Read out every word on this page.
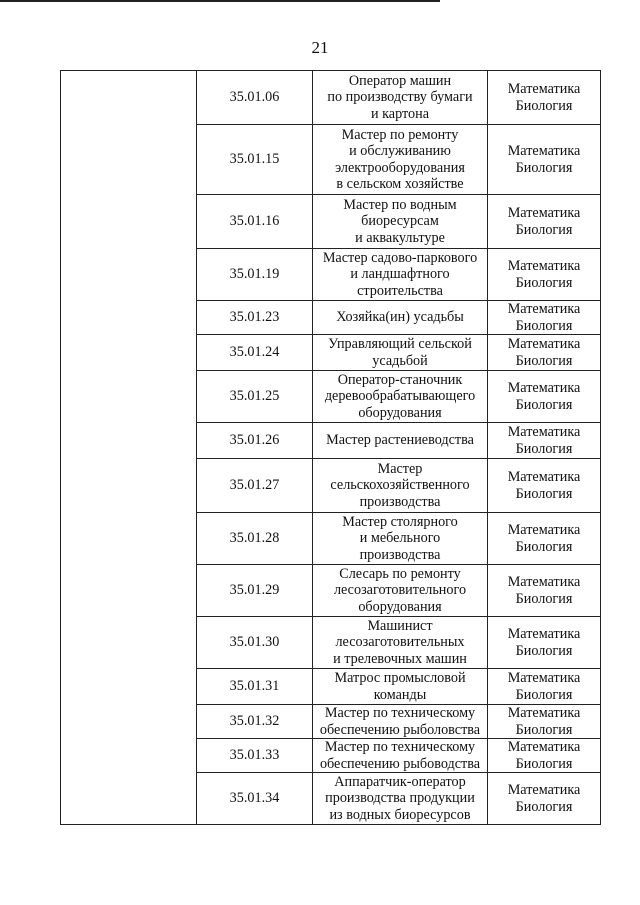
21
	35.01.06	Оператор машин
по производству бумаги
и картона	Математика
Биология

	35.01.15	Мастер по ремонту
и обслуживанию
электрооборудования
в сельском хозяйстве	Математика
Биология

	35.01.16	Мастер по водным
биоресурсам
и аквакультуре	Математика
Биология

	35.01.19	Мастер садово-паркового
и ландшафтного
строительства	Математика
Биология

	35.01.23	Хозяйка(ин) усадьбы	Математика
Биология

	35.01.24	Управляющий сельской
усадьбой	Математика
Биология

	35.01.25	Оператор-станочник
деревообрабатывающего
оборудования	Математика
Биология

	35.01.26	Мастер растениеводства	Математика
Биология

	35.01.27	Мастер
сельскохозяйственного
производства	Математика
Биология

	35.01.28	Мастер столярного
и мебельного
производства	Математика
Биология

	35.01.29	Слесарь по ремонту
лесозаготовительного
оборудования	Математика
Биология

	35.01.30	Машинист
лесозаготовительных
и трелевочных машин	Математика
Биология

	35.01.31	Матрос промысловой
команды	Математика
Биология

	35.01.32	Мастер по техническому
обеспечению рыболовства	Математика
Биология

	35.01.33	Мастер по техническому
обеспечению рыбоводства	Математика
Биология

	35.01.34	Аппаратчик-оператор
производства продукции
из водных биоресурсов	Математика
Биология
